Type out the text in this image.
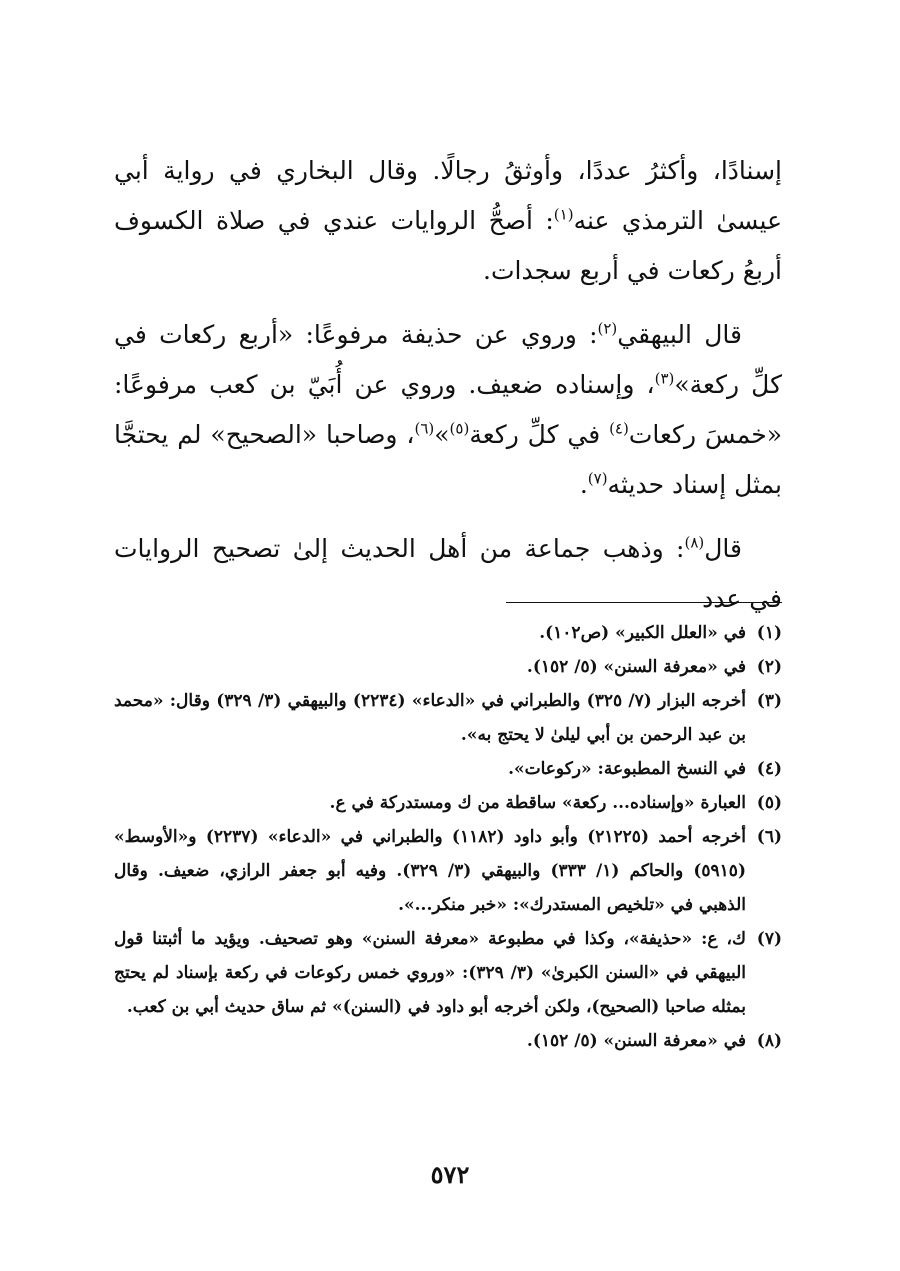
إسنادًا، وأكثرُ عددًا، وأوثقُ رجالًا. وقال البخاري في رواية أبي عيسىٰ الترمذي عنه$^{(١)}$: أصحُّ الروايات عندي في صلاة الكسوف أربعُ ركعات في أربع سجدات.

قال البيهقي$^{(٢)}$: وروي عن حذيفة مرفوعًا: «أربع ركعات في كلِّ ركعة»$^{(٣)}$، وإسناده ضعيف. وروي عن أُبَيّ بن كعب مرفوعًا: «خمسَ ركعات$^{(٤)}$ في كلِّ ركعة$^{(٥)}$»$^{(٦)}$، وصاحبا «الصحيح» لم يحتجَّا بمثل إسناد حديثه$^{(٧)}$.

قال$^{(٨)}$: وذهب جماعة من أهل الحديث إلىٰ تصحيح الروايات في عدد

(١)
في «العلل الكبير» (ص١٠٢).
(٢)
في «معرفة السنن» (٥/ ١٥٢).
(٣)
أخرجه البزار (٧/ ٣٢٥) والطبراني في «الدعاء» (٢٢٣٤) والبيهقي (٣/ ٣٢٩) وقال: «محمد بن عبد الرحمن بن أبي ليلىٰ لا يحتج به».
(٤)
في النسخ المطبوعة: «ركوعات».
(٥)
العبارة «وإسناده... ركعة» ساقطة من ك ومستدركة في ع.
(٦)
أخرجه أحمد (٢١٢٢٥) وأبو داود (١١٨٢) والطبراني في «الدعاء» (٢٢٣٧) و«الأوسط» (٥٩١٥) والحاكم (١/ ٣٣٣) والبيهقي (٣/ ٣٢٩). وفيه أبو جعفر الرازي، ضعيف. وقال الذهبي في «تلخيص المستدرك»: «خبر منكر...».
(٧)
ك، ع: «حذيفة»، وكذا في مطبوعة «معرفة السنن» وهو تصحيف. ويؤيد ما أثبتنا قول البيهقي في «السنن الكبرىٰ» (٣/ ٣٢٩): «وروي خمس ركوعات في ركعة بإسناد لم يحتج بمثله صاحبا (الصحيح)، ولكن أخرجه أبو داود في (السنن)» ثم ساق حديث أبي بن كعب.
(٨)
في «معرفة السنن» (٥/ ١٥٢).
٥٧٢
